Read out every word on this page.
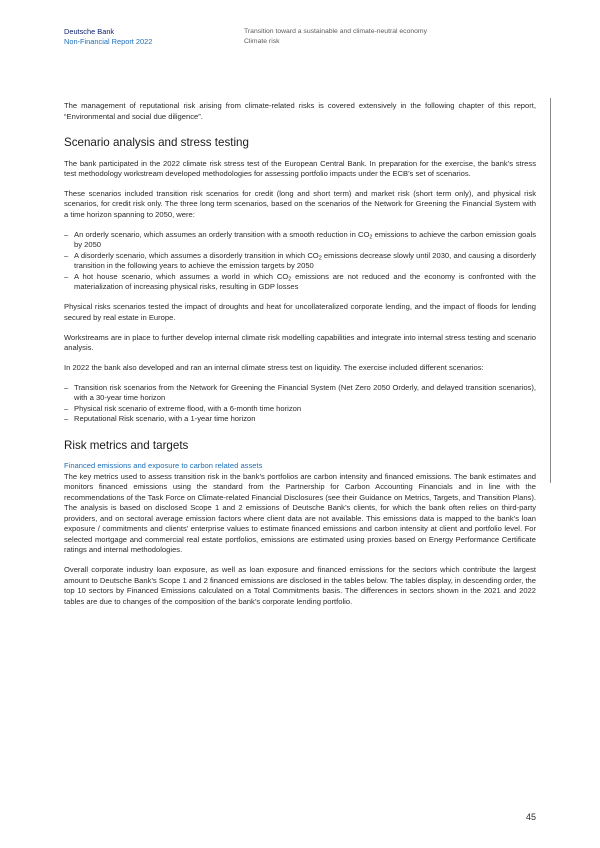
Deutsche Bank
Non-Financial Report 2022
Transition toward a sustainable and climate-neutral economy
Climate risk

The management of reputational risk arising from climate-related risks is covered extensively in the following chapter of this report, “Environmental and social due diligence”.

Scenario analysis and stress testing

The bank participated in the 2022 climate risk stress test of the European Central Bank. In preparation for the exercise, the bank’s stress test methodology workstream developed methodologies for assessing portfolio impacts under the ECB’s set of scenarios.

These scenarios included transition risk scenarios for credit (long and short term) and market risk (short term only), and physical risk scenarios, for credit risk only. The three long term scenarios, based on the scenarios of the Network for Greening the Financial System with a time horizon spanning to 2050, were:

– An orderly scenario, which assumes an orderly transition with a smooth reduction in $CO_2$ emissions to achieve the carbon emission goals by 2050
– A disorderly scenario, which assumes a disorderly transition in which $CO_2$ emissions decrease slowly until 2030, and causing a disorderly transition in the following years to achieve the emission targets by 2050
– A hot house scenario, which assumes a world in which $CO_2$ emissions are not reduced and the economy is confronted with the materialization of increasing physical risks, resulting in GDP losses

Physical risks scenarios tested the impact of droughts and heat for uncollateralized corporate lending, and the impact of floods for lending secured by real estate in Europe.

Workstreams are in place to further develop internal climate risk modelling capabilities and integrate into internal stress testing and scenario analysis.

In 2022 the bank also developed and ran an internal climate stress test on liquidity. The exercise included different scenarios:

– Transition risk scenarios from the Network for Greening the Financial System (Net Zero 2050 Orderly, and delayed transition scenarios), with a 30-year time horizon
– Physical risk scenario of extreme flood, with a 6-month time horizon
– Reputational Risk scenario, with a 1-year time horizon
Risk metrics and targets
Financed emissions and exposure to carbon related assets

The key metrics used to assess transition risk in the bank’s portfolios are carbon intensity and financed emissions. The bank estimates and monitors financed emissions using the standard from the Partnership for Carbon Accounting Financials and in line with the recommendations of the Task Force on Climate-related Financial Disclosures (see their Guidance on Metrics, Targets, and Transition Plans). The analysis is based on disclosed Scope 1 and 2 emissions of Deutsche Bank’s clients, for which the bank often relies on third-party providers, and on sectoral average emission factors where client data are not available. This emissions data is mapped to the bank’s loan exposure / commitments and clients’ enterprise values to estimate financed emissions and carbon intensity at client and portfolio level. For selected mortgage and commercial real estate portfolios, emissions are estimated using proxies based on Energy Performance Certificate ratings and internal methodologies.

Overall corporate industry loan exposure, as well as loan exposure and financed emissions for the sectors which contribute the largest amount to Deutsche Bank’s Scope 1 and 2 financed emissions are disclosed in the tables below. The tables display, in descending order, the top 10 sectors by Financed Emissions calculated on a Total Commitments basis. The differences in sectors shown in the 2021 and 2022 tables are due to changes of the composition of the bank’s corporate lending portfolio.

45
